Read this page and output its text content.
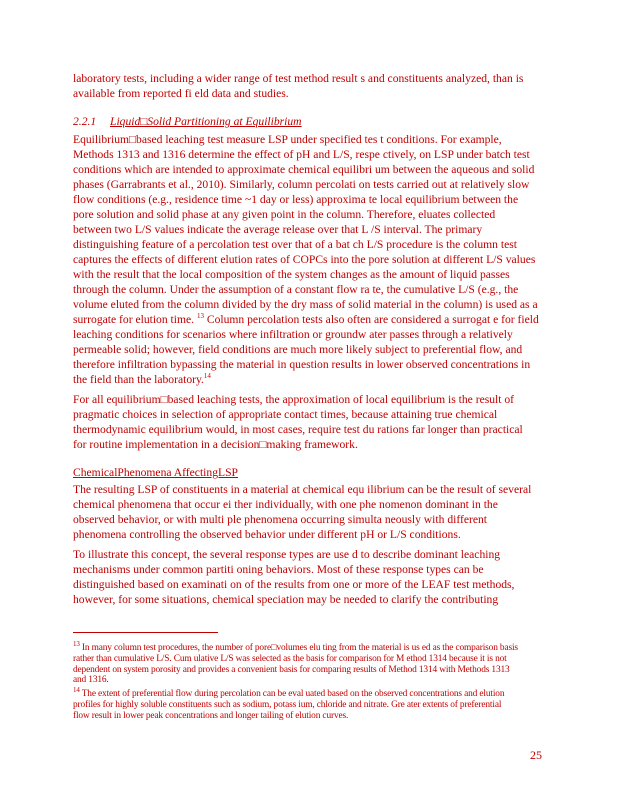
laboratory tests, including a wider range of test method result s and constituents analyzed, than is
available from reported fi eld data and studies.
2.2.1 Liquid□Solid Partitioning at Equilibrium
Equilibrium□based leaching test measure LSP under specified tes t conditions. For example,
Methods 1313 and 1316 determine the effect of pH and L/S, respe ctively, on LSP under batch test
conditions which are intended to approximate chemical equilibri um between the aqueous and solid
phases (Garrabrants et al., 2010). Similarly, column percolati on tests carried out at relatively slow
flow conditions (e.g., residence time ~1 day or less) approxima te local equilibrium between the
pore solution and solid phase at any given point in the column. Therefore, eluates collected
between two L/S values indicate the average release over that L /S interval. The primary
distinguishing feature of a percolation test over that of a bat ch L/S procedure is the column test
captures the effects of different elution rates of COPCs into the pore solution at different L/S values
with the result that the local composition of the system changes as the amount of liquid passes
through the column. Under the assumption of a constant flow ra te, the cumulative L/S (e.g., the
volume eluted from the column divided by the dry mass of solid material in the column) is used as a
surrogate for elution time. $^{13}$ Column percolation tests also often are considered a surrogat e for field
leaching conditions for scenarios where infiltration or groundw ater passes through a relatively
permeable solid; however, field conditions are much more likely subject to preferential flow, and
therefore infiltration bypassing the material in question results in lower observed concentrations in
the field than the laboratory.$^{14}$
For all equilibrium□based leaching tests, the approximation of local equilibrium is the result of
pragmatic choices in selection of appropriate contact times, because attaining true chemical
thermodynamic equilibrium would, in most cases, require test du rations far longer than practical
for routine implementation in a decision□making framework.
ChemicalPhenomena AffectingLSP
The resulting LSP of constituents in a material at chemical equ ilibrium can be the result of several
chemical phenomena that occur ei ther individually, with one phe nomenon dominant in the
observed behavior, or with multi ple phenomena occurring simulta neously with different
phenomena controlling the observed behavior under different pH or L/S conditions.
To illustrate this concept, the several response types are use d to describe dominant leaching
mechanisms under common partiti oning behaviors. Most of these response types can be
distinguished based on examinati on of the results from one or more of the LEAF test methods,
however, for some situations, chemical speciation may be needed to clarify the contributing
$^{13}$ In many column test procedures, the number of pore□volumes elu ting from the material is us ed as the comparison basis
rather than cumulative L/S. Cum ulative L/S was selected as the basis for comparison for M ethod 1314 because it is not
dependent on system porosity and provides a convenient basis for comparing results of Method 1314 with Methods 1313
and 1316.
$^{14}$ The extent of preferential flow during percolation can be eval uated based on the observed concentrations and elution
profiles for highly soluble constituents such as sodium, potass ium, chloride and nitrate. Gre ater extents of preferential
flow result in lower peak concentrations and longer tailing of elution curves.
25
